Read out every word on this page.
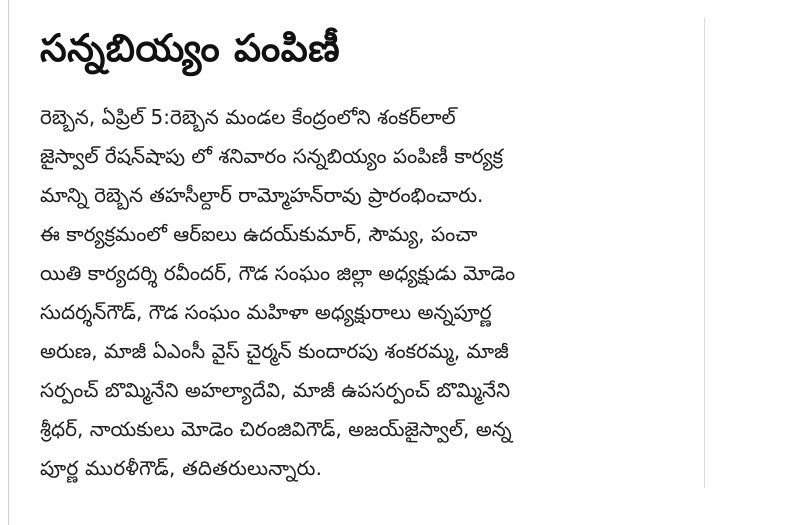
సన్నబియ్యం పంపిణీ
రెబ్బెన, ఏప్రిల్ 5:రెబ్బెన మండల కేంద్రంలోని శంకర్‌లాల్
జైస్వాల్ రేషన్‌షాపు లో శనివారం సన్నబియ్యం పంపిణీ కార్యక్ర
మాన్ని రెబ్బెన తహసీల్దార్ రామ్మోహన్‌రావు ప్రారంభించారు.
ఈ కార్యక్రమంలో ఆర్ఐలు ఉదయ్‌కుమార్, సౌమ్య, పంచా
యితి కార్యదర్శి రవీందర్, గౌడ సంఘం జిల్లా అధ్యక్షుడు మోడెం
సుదర్శన్‌గౌడ్, గౌడ సంఘం మహిళా అధ్యక్షురాలు అన్నపూర్ణ
అరుణ, మాజీ ఏఎంసీ వైస్ చైర్మన్ కుందారపు శంకరమ్మ, మాజీ
సర్పంచ్ బొమ్మినేని అహల్యాదేవి, మాజీ ఉపసర్పంచ్ బొమ్మినేని
శ్రీధర్, నాయకులు మోడెం చిరంజివిగౌడ్, అజయ్‌జైస్వాల్, అన్న
పూర్ణ మురళీగౌడ్, తదితరులున్నారు.
